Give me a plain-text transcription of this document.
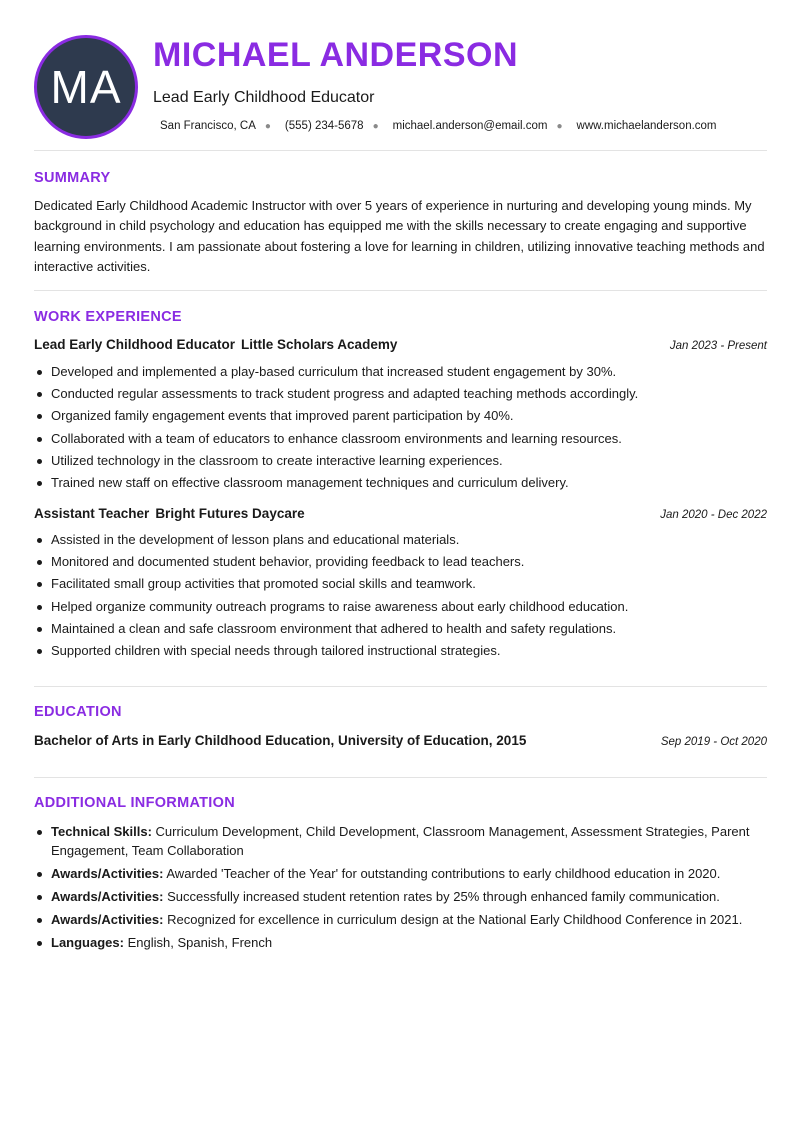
MA
MICHAEL ANDERSON
Lead Early Childhood Educator
San Francisco, CA ● (555) 234-5678 ● michael.anderson@email.com ● www.michaelanderson.com
SUMMARY

Dedicated Early Childhood Academic Instructor with over 5 years of experience in nurturing and developing young minds. My background in child psychology and education has equipped me with the skills necessary to create engaging and supportive learning environments. I am passionate about fostering a love for learning in children, utilizing innovative teaching methods and interactive activities.

WORK EXPERIENCE
Lead Early Childhood Educator Little Scholars Academy	Jan 2023 - Present
Developed and implemented a play-based curriculum that increased student engagement by 30%.
Conducted regular assessments to track student progress and adapted teaching methods accordingly.
Organized family engagement events that improved parent participation by 40%.
Collaborated with a team of educators to enhance classroom environments and learning resources.
Utilized technology in the classroom to create interactive learning experiences.
Trained new staff on effective classroom management techniques and curriculum delivery.
Assistant Teacher Bright Futures Daycare	Jan 2020 - Dec 2022
Assisted in the development of lesson plans and educational materials.
Monitored and documented student behavior, providing feedback to lead teachers.
Facilitated small group activities that promoted social skills and teamwork.
Helped organize community outreach programs to raise awareness about early childhood education.
Maintained a clean and safe classroom environment that adhered to health and safety regulations.
Supported children with special needs through tailored instructional strategies.
EDUCATION
Bachelor of Arts in Early Childhood Education, University of Education, 2015	Sep 2019 - Oct 2020
ADDITIONAL INFORMATION
Technical Skills: Curriculum Development, Child Development, Classroom Management, Assessment Strategies, Parent Engagement, Team Collaboration
Awards/Activities: Awarded 'Teacher of the Year' for outstanding contributions to early childhood education in 2020.
Awards/Activities: Successfully increased student retention rates by 25% through enhanced family communication.
Awards/Activities: Recognized for excellence in curriculum design at the National Early Childhood Conference in 2021.
Languages: English, Spanish, French
